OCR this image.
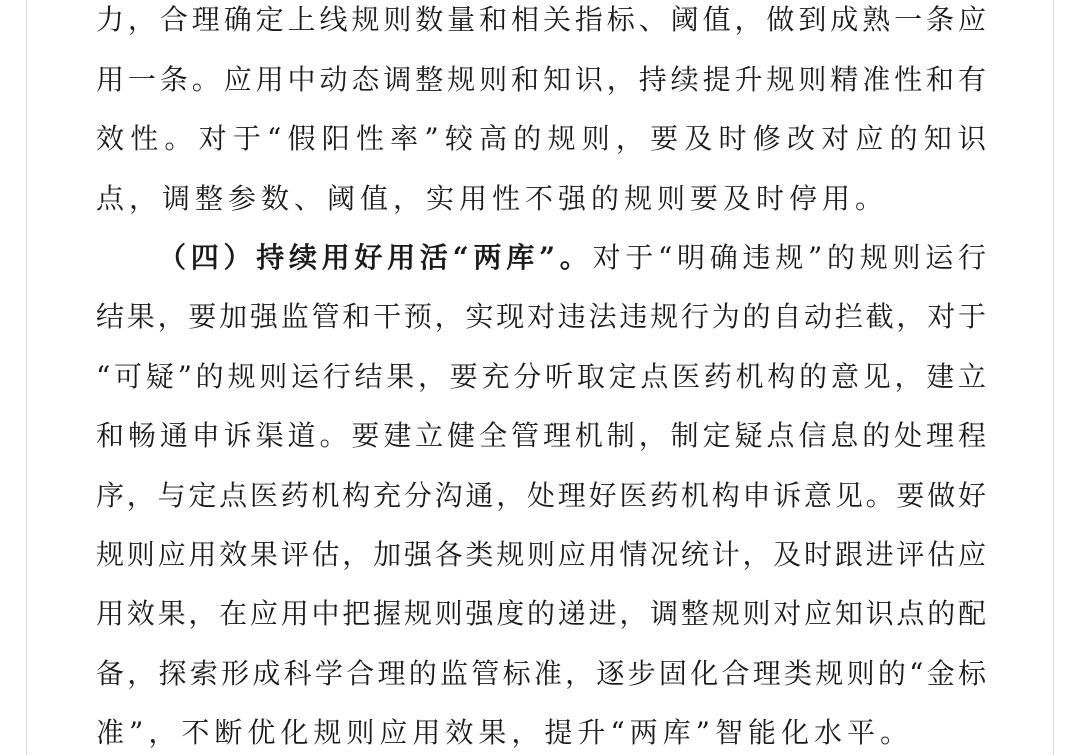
力，合理确定上线规则数量和相关指标、阈值，做到成熟一条应
用一条。应用中动态调整规则和知识，持续提升规则精准性和有
效性。对于“假阳性率”较高的规则，要及时修改对应的知识
点，调整参数、阈值，实用性不强的规则要及时停用。
（四）持续用好用活“两库”。对于“明确违规”的规则运行
结果，要加强监管和干预，实现对违法违规行为的自动拦截，对于
“可疑”的规则运行结果，要充分听取定点医药机构的意见，建立
和畅通申诉渠道。要建立健全管理机制，制定疑点信息的处理程
序，与定点医药机构充分沟通，处理好医药机构申诉意见。要做好
规则应用效果评估，加强各类规则应用情况统计，及时跟进评估应
用效果，在应用中把握规则强度的递进，调整规则对应知识点的配
备，探索形成科学合理的监管标准，逐步固化合理类规则的“金标
准”，不断优化规则应用效果，提升“两库”智能化水平。
